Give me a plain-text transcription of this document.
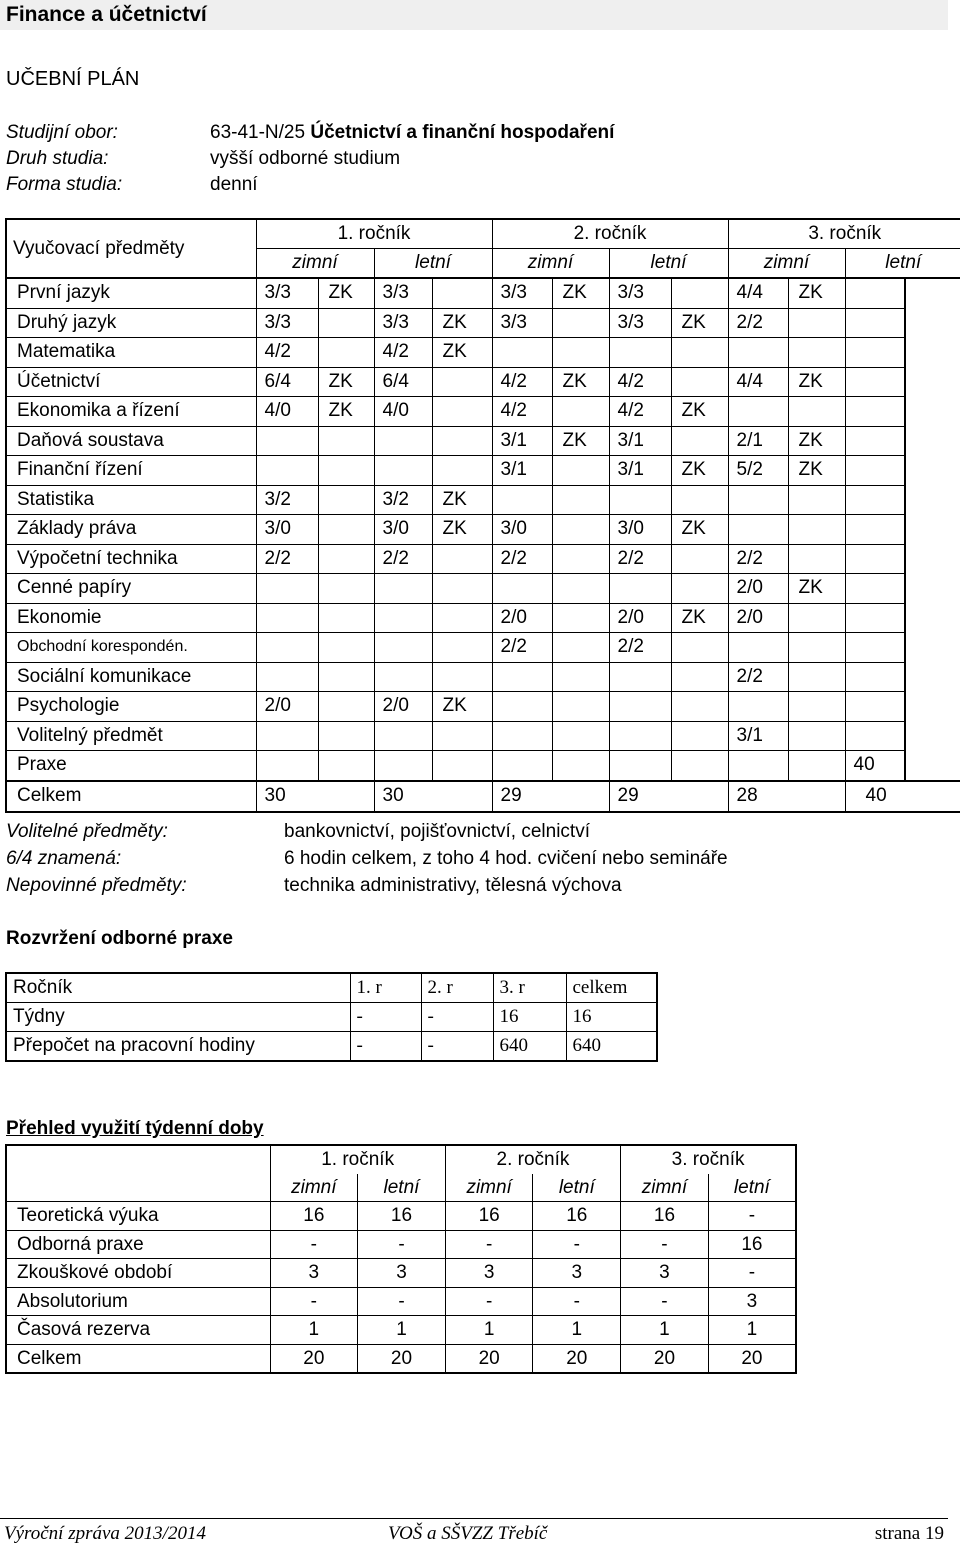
Finance a účetnictví
UČEBNÍ PLÁN
Studijní obor:	63-41-N/25 Účetnictví a finanční hospodaření
Druh studia:	vyšší odborné studium
Forma studia:	denní
Vyučovací předměty	1. ročník				2. ročník				3. ročník			
	zimní		letní		zimní		letní		zimní		letní	
První jazyk	3/3	ZK	3/3		3/3	ZK	3/3		4/4	ZK		
Druhý jazyk	3/3		3/3	ZK	3/3		3/3	ZK	2/2			
Matematika	4/2		4/2	ZK								
Účetnictví	6/4	ZK	6/4		4/2	ZK	4/2		4/4	ZK		
Ekonomika a řízení	4/0	ZK	4/0		4/2		4/2	ZK				
Daňová soustava					3/1	ZK	3/1		2/1	ZK		
Finanční řízení					3/1		3/1	ZK	5/2	ZK		
Statistika	3/2		3/2	ZK								
Základy práva	3/0		3/0	ZK	3/0		3/0	ZK				
Výpočetní technika	2/2		2/2		2/2		2/2		2/2			
Cenné papíry									2/0	ZK		
Ekonomie					2/0		2/0	ZK	2/0			
Obchodní korespondén.					2/2		2/2					
Sociální komunikace									2/2			
Psychologie	2/0		2/0	ZK								
Volitelný předmět									3/1			
Praxe											40	
Celkem	30		30		29		29		28		40	
Volitelné předměty:	bankovnictví, pojišťovnictví, celnictví
6/4 znamená:	6 hodin celkem, z toho 4 hod. cvičení nebo semináře
Nepovinné předměty:	technika administrativy, tělesná výchova
Rozvržení odborné praxe
Ročník	1. r	2. r	3. r	celkem
Týdny	-	-	16	16
Přepočet na pracovní hodiny	-	-	640	640
Přehled využití týdenní doby
	1. ročník		2. ročník		3. ročník	
	zimní	letní	zimní	letní	zimní	letní
Teoretická výuka	16	16	16	16	16	-
Odborná praxe	-	-	-	-	-	16
Zkouškové období	3	3	3	3	3	-
Absolutorium	-	-	-	-	-	3
Časová rezerva	1	1	1	1	1	1
Celkem	20	20	20	20	20	20
Výroční zpráva 2013/2014	VOŠ a SŠVZZ Třebíč	strana 19
